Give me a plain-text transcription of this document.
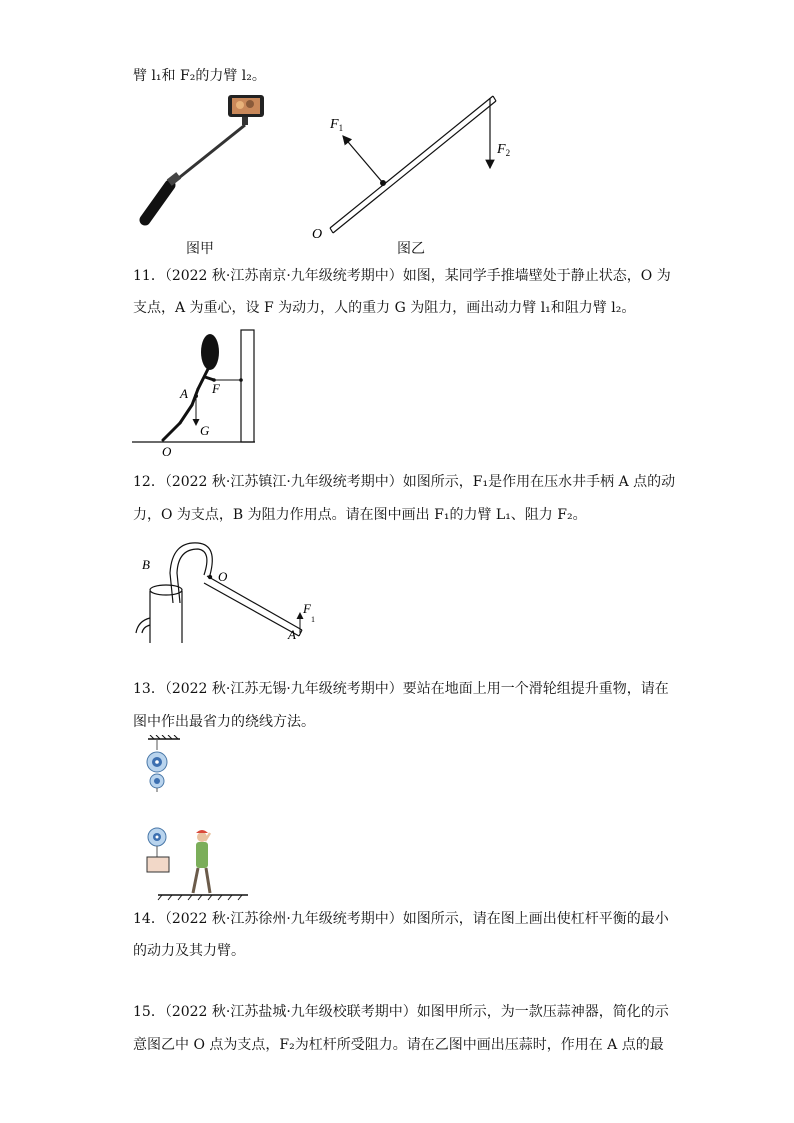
臂 l₁和 F₂的力臂 l₂。
图甲
$F_1$
$F_2$
O
图乙
11．（2022 秋·江苏南京·九年级统考期中）如图，某同学手推墙壁处于静止状态，O 为
支点，A 为重心，设 F 为动力，人的重力 G 为阻力，画出动力臂 l₁和阻力臂 l₂。
A F
G
O
12．（2022 秋·江苏镇江·九年级统考期中）如图所示，F₁是作用在压水井手柄 A 点的动
力，O 为支点，B 为阻力作用点。请在图中画出 F₁的力臂 L₁、阻力 F₂。
B
O
$F_1$
A
13．（2022 秋·江苏无锡·九年级统考期中）要站在地面上用一个滑轮组提升重物，请在
图中作出最省力的绕线方法。
14．（2022 秋·江苏徐州·九年级统考期中）如图所示，请在图上画出使杠杆平衡的最小
的动力及其力臂。
15．（2022 秋·江苏盐城·九年级校联考期中）如图甲所示，为一款压蒜神器，简化的示
意图乙中 O 点为支点，F₂为杠杆所受阻力。请在乙图中画出压蒜时，作用在 A 点的最
